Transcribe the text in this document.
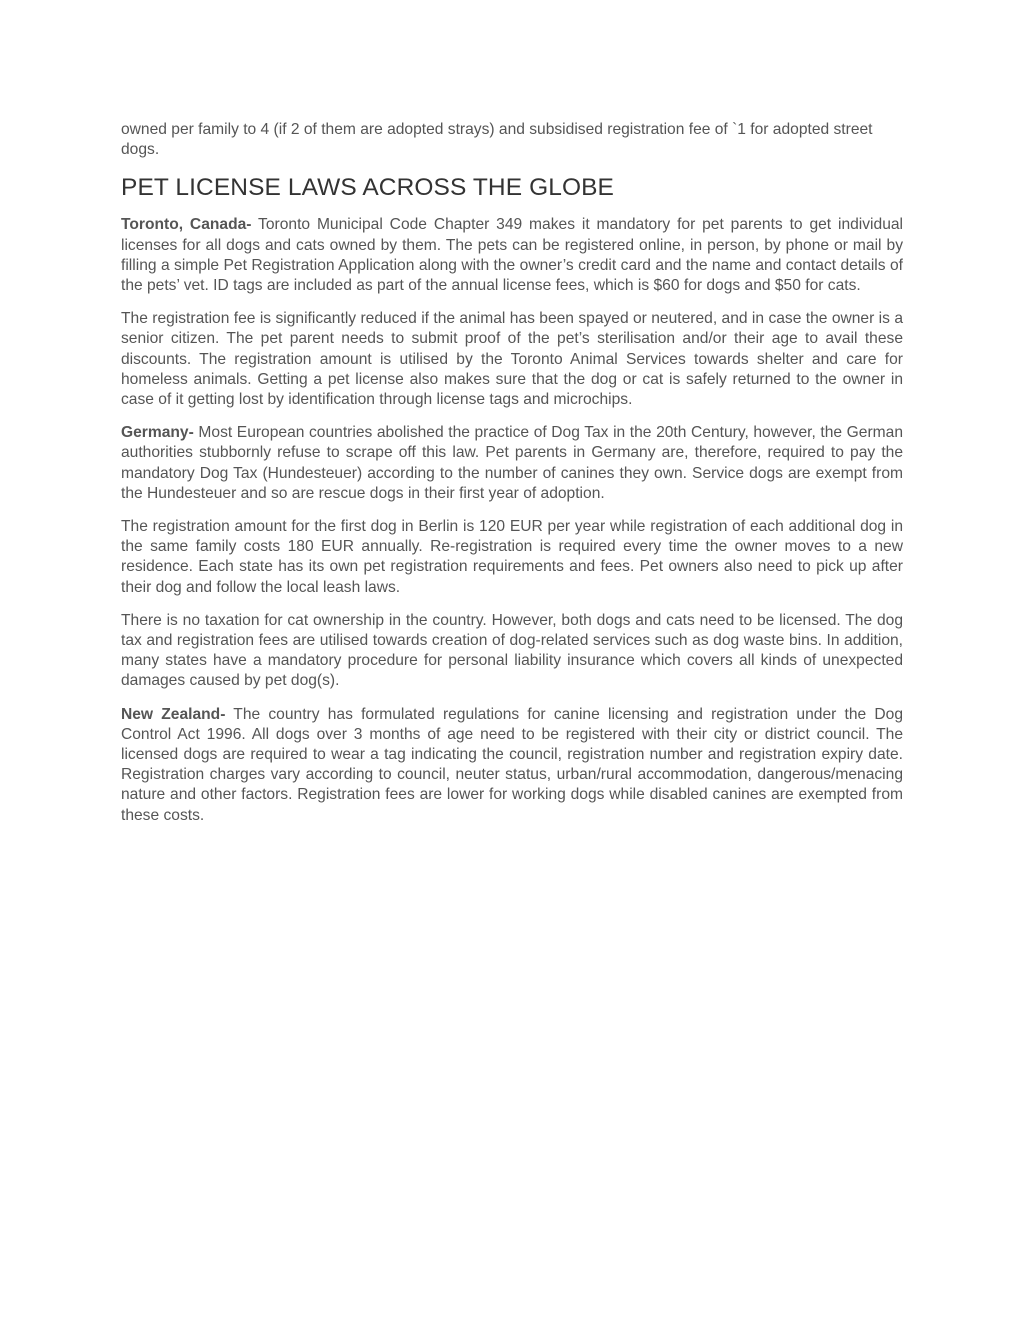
owned per family to 4 (if 2 of them are adopted strays) and subsidised registration fee of `1 for adopted street dogs.

PET LICENSE LAWS ACROSS THE GLOBE

Toronto, Canada- Toronto Municipal Code Chapter 349 makes it mandatory for pet parents to get individual licenses for all dogs and cats owned by them. The pets can be registered online, in person, by phone or mail by filling a simple Pet Registration Application along with the owner’s credit card and the name and contact details of the pets’ vet. ID tags are included as part of the annual license fees, which is $60 for dogs and $50 for cats.

The registration fee is significantly reduced if the animal has been spayed or neutered, and in case the owner is a senior citizen. The pet parent needs to submit proof of the pet’s sterilisation and/or their age to avail these discounts. The registration amount is utilised by the Toronto Animal Services towards shelter and care for homeless animals. Getting a pet license also makes sure that the dog or cat is safely returned to the owner in case of it getting lost by identification through license tags and microchips.

Germany- Most European countries abolished the practice of Dog Tax in the 20th Century, however, the German authorities stubbornly refuse to scrape off this law. Pet parents in Germany are, therefore, required to pay the mandatory Dog Tax (Hundesteuer) according to the number of canines they own. Service dogs are exempt from the Hundesteuer and so are rescue dogs in their first year of adoption.

The registration amount for the first dog in Berlin is 120 EUR per year while registration of each additional dog in the same family costs 180 EUR annually. Re-registration is required every time the owner moves to a new residence. Each state has its own pet registration requirements and fees. Pet owners also need to pick up after their dog and follow the local leash laws.

There is no taxation for cat ownership in the country. However, both dogs and cats need to be licensed. The dog tax and registration fees are utilised towards creation of dog-related services such as dog waste bins. In addition, many states have a mandatory procedure for personal liability insurance which covers all kinds of unexpected damages caused by pet dog(s).

New Zealand- The country has formulated regulations for canine licensing and registration under the Dog Control Act 1996. All dogs over 3 months of age need to be registered with their city or district council. The licensed dogs are required to wear a tag indicating the council, registration number and registration expiry date. Registration charges vary according to council, neuter status, urban/rural accommodation, dangerous/menacing nature and other factors. Registration fees are lower for working dogs while disabled canines are exempted from these costs.
